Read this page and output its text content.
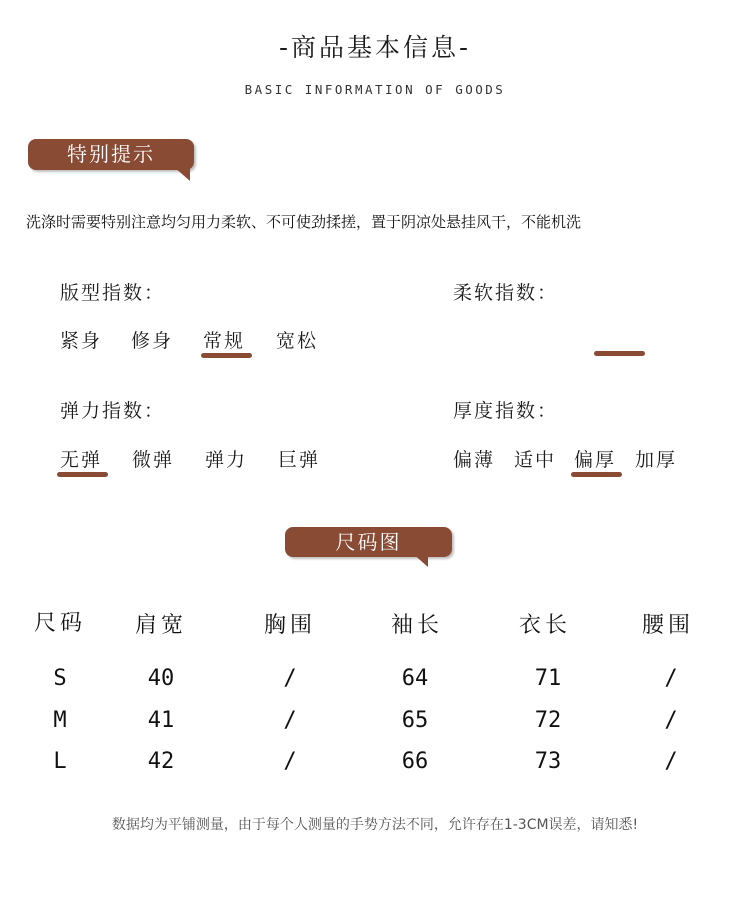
-商品基本信息-
BASIC INFORMATION OF GOODS
特别提示
洗涤时需要特别注意均匀用力柔软、不可使劲揉搓，置于阴凉处悬挂风干，不能机洗
版型指数：
紧身 修身 常规 宽松
柔软指数：
弹力指数：
无弹 微弹 弹力 巨弹
厚度指数：
偏薄 适中 偏厚 加厚
尺码图
尺码	肩宽	胸围	袖长	衣长	腰围
S	40	/	64	71	/
M	41	/	65	72	/
L	42	/	66	73	/
数据均为平铺测量，由于每个人测量的手势方法不同，允许存在1-3CM误差，请知悉!
